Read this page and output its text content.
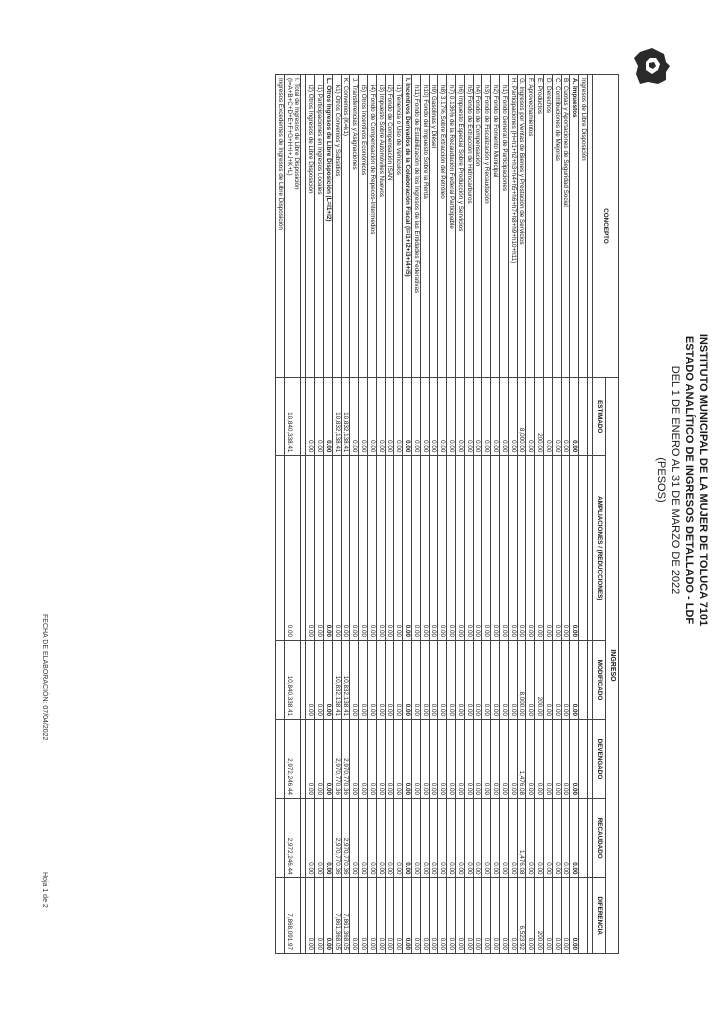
INSTITUTO MUNICIPAL DE LA MUJER DE TOLUCA 7101
ESTADO ANALÍTICO DE INGRESOS DETALLADO - LDF
DEL 1 DE ENERO AL 31 DE MARZO DE 2022
(PESOS)
CONCEPTO	INGRESO					
	ESTIMADO	AMPLIACIONES / (REDUCCIONES)	MODIFICADO	DEVENGADO	RECAUDADO	DIFERENCIA

Ingresos de Libre Disposición						
A. Impuestos	0.00	0.00	0.00	0.00	0.00	0.00
B. Cuotas y Aportaciones de Seguridad Social	0.00	0.00	0.00	0.00	0.00	0.00
C. Contribuciones de Mejoras	0.00	0.00	0.00	0.00	0.00	0.00
D. Derechos	0.00	0.00	0.00	0.00	0.00	0.00
E. Productos	200.00	0.00	200.00	0.00	0.00	200.00
F. Aprovechamientos	0.00	0.00	0.00	0.00	0.00	0.00
G. Ingresos por Ventas de Bienes y Prestación de Servicios	8,000.00	0.00	8,000.00	1,476.08	1,476.08	6,523.92
H. Participaciones (H=h1+h2+h3+h4+h5+h6+h7+h8+h9+h10+h11)	0.00	0.00	0.00	0.00	0.00	0.00
h1) Fondo General de Participaciones	0.00	0.00	0.00	0.00	0.00	0.00
h2) Fondo de Fomento Municipal	0.00	0.00	0.00	0.00	0.00	0.00
h3) Fondo de Fiscalización y Recaudación	0.00	0.00	0.00	0.00	0.00	0.00
h4) Fondo de Compensación	0.00	0.00	0.00	0.00	0.00	0.00
h5) Fondo de Extracción de Hidrocarburos	0.00	0.00	0.00	0.00	0.00	0.00
h6) Impuesto Especial Sobre Producción y Servicios	0.00	0.00	0.00	0.00	0.00	0.00
h7) 0.136% de la Recaudación Federal Participable	0.00	0.00	0.00	0.00	0.00	0.00
h8) 3.17% Sobre Extracción del Petróleo	0.00	0.00	0.00	0.00	0.00	0.00
h9) Gasolinas y Diésel	0.00	0.00	0.00	0.00	0.00	0.00
h10) Fondo del Impuesto Sobre la Renta	0.00	0.00	0.00	0.00	0.00	0.00
h11) Fondo de Estabilización de los Ingresos de las Entidades Federativas	0.00	0.00	0.00	0.00	0.00	0.00
I. Incentivos Derivados de la Colaboración Fiscal (I=i1+i2+i3+i4+i5)	0.00	0.00	0.00	0.00	0.00	0.00
i1) Tenencia o Uso de Vehículos	0.00	0.00	0.00	0.00	0.00	0.00
i2) Fondo de Compensación ISAN	0.00	0.00	0.00	0.00	0.00	0.00
i3) Impuesto Sobre Automóviles Nuevos	0.00	0.00	0.00	0.00	0.00	0.00
i4) Fondo de Compensación de Repecos-Intermedios	0.00	0.00	0.00	0.00	0.00	0.00
i5) Otros Incentivos Económicos	0.00	0.00	0.00	0.00	0.00	0.00
J. Transferencias y Asignaciones	0.00	0.00	0.00	0.00	0.00	0.00
K. Convenios (K=k1)	10,832,138.41	0.00	10,832,138.41	2,970,770.36	2,970,770.36	7,861,368.05
k1) Otros Convenios y Subsidios	10,832,138.41	0.00	10,832,138.41	2,970,770.36	2,970,770.36	7,861,368.05
L. Otros Ingresos de Libre Disposición (L=l1+l2)	0.00	0.00	0.00	0.00	0.00	0.00
l1) Participaciones en Ingresos Locales	0.00	0.00	0.00	0.00	0.00	0.00
l2) Otros Ingresos de Libre Disposición	0.00	0.00	0.00	0.00	0.00	0.00

I. Total de Ingresos de Libre Disposición
(I=A+B+C+D+E+F+G+H+I+J+K+L)	10,840,338.41	0.00	10,840,338.41	2,972,246.44	2,972,246.44	7,868,091.97

Ingresos Excedentes de Ingresos de Libre Disposición						

FECHA DE ELABORACIÓN: 07/04/2022
Hoja 1 de 2
